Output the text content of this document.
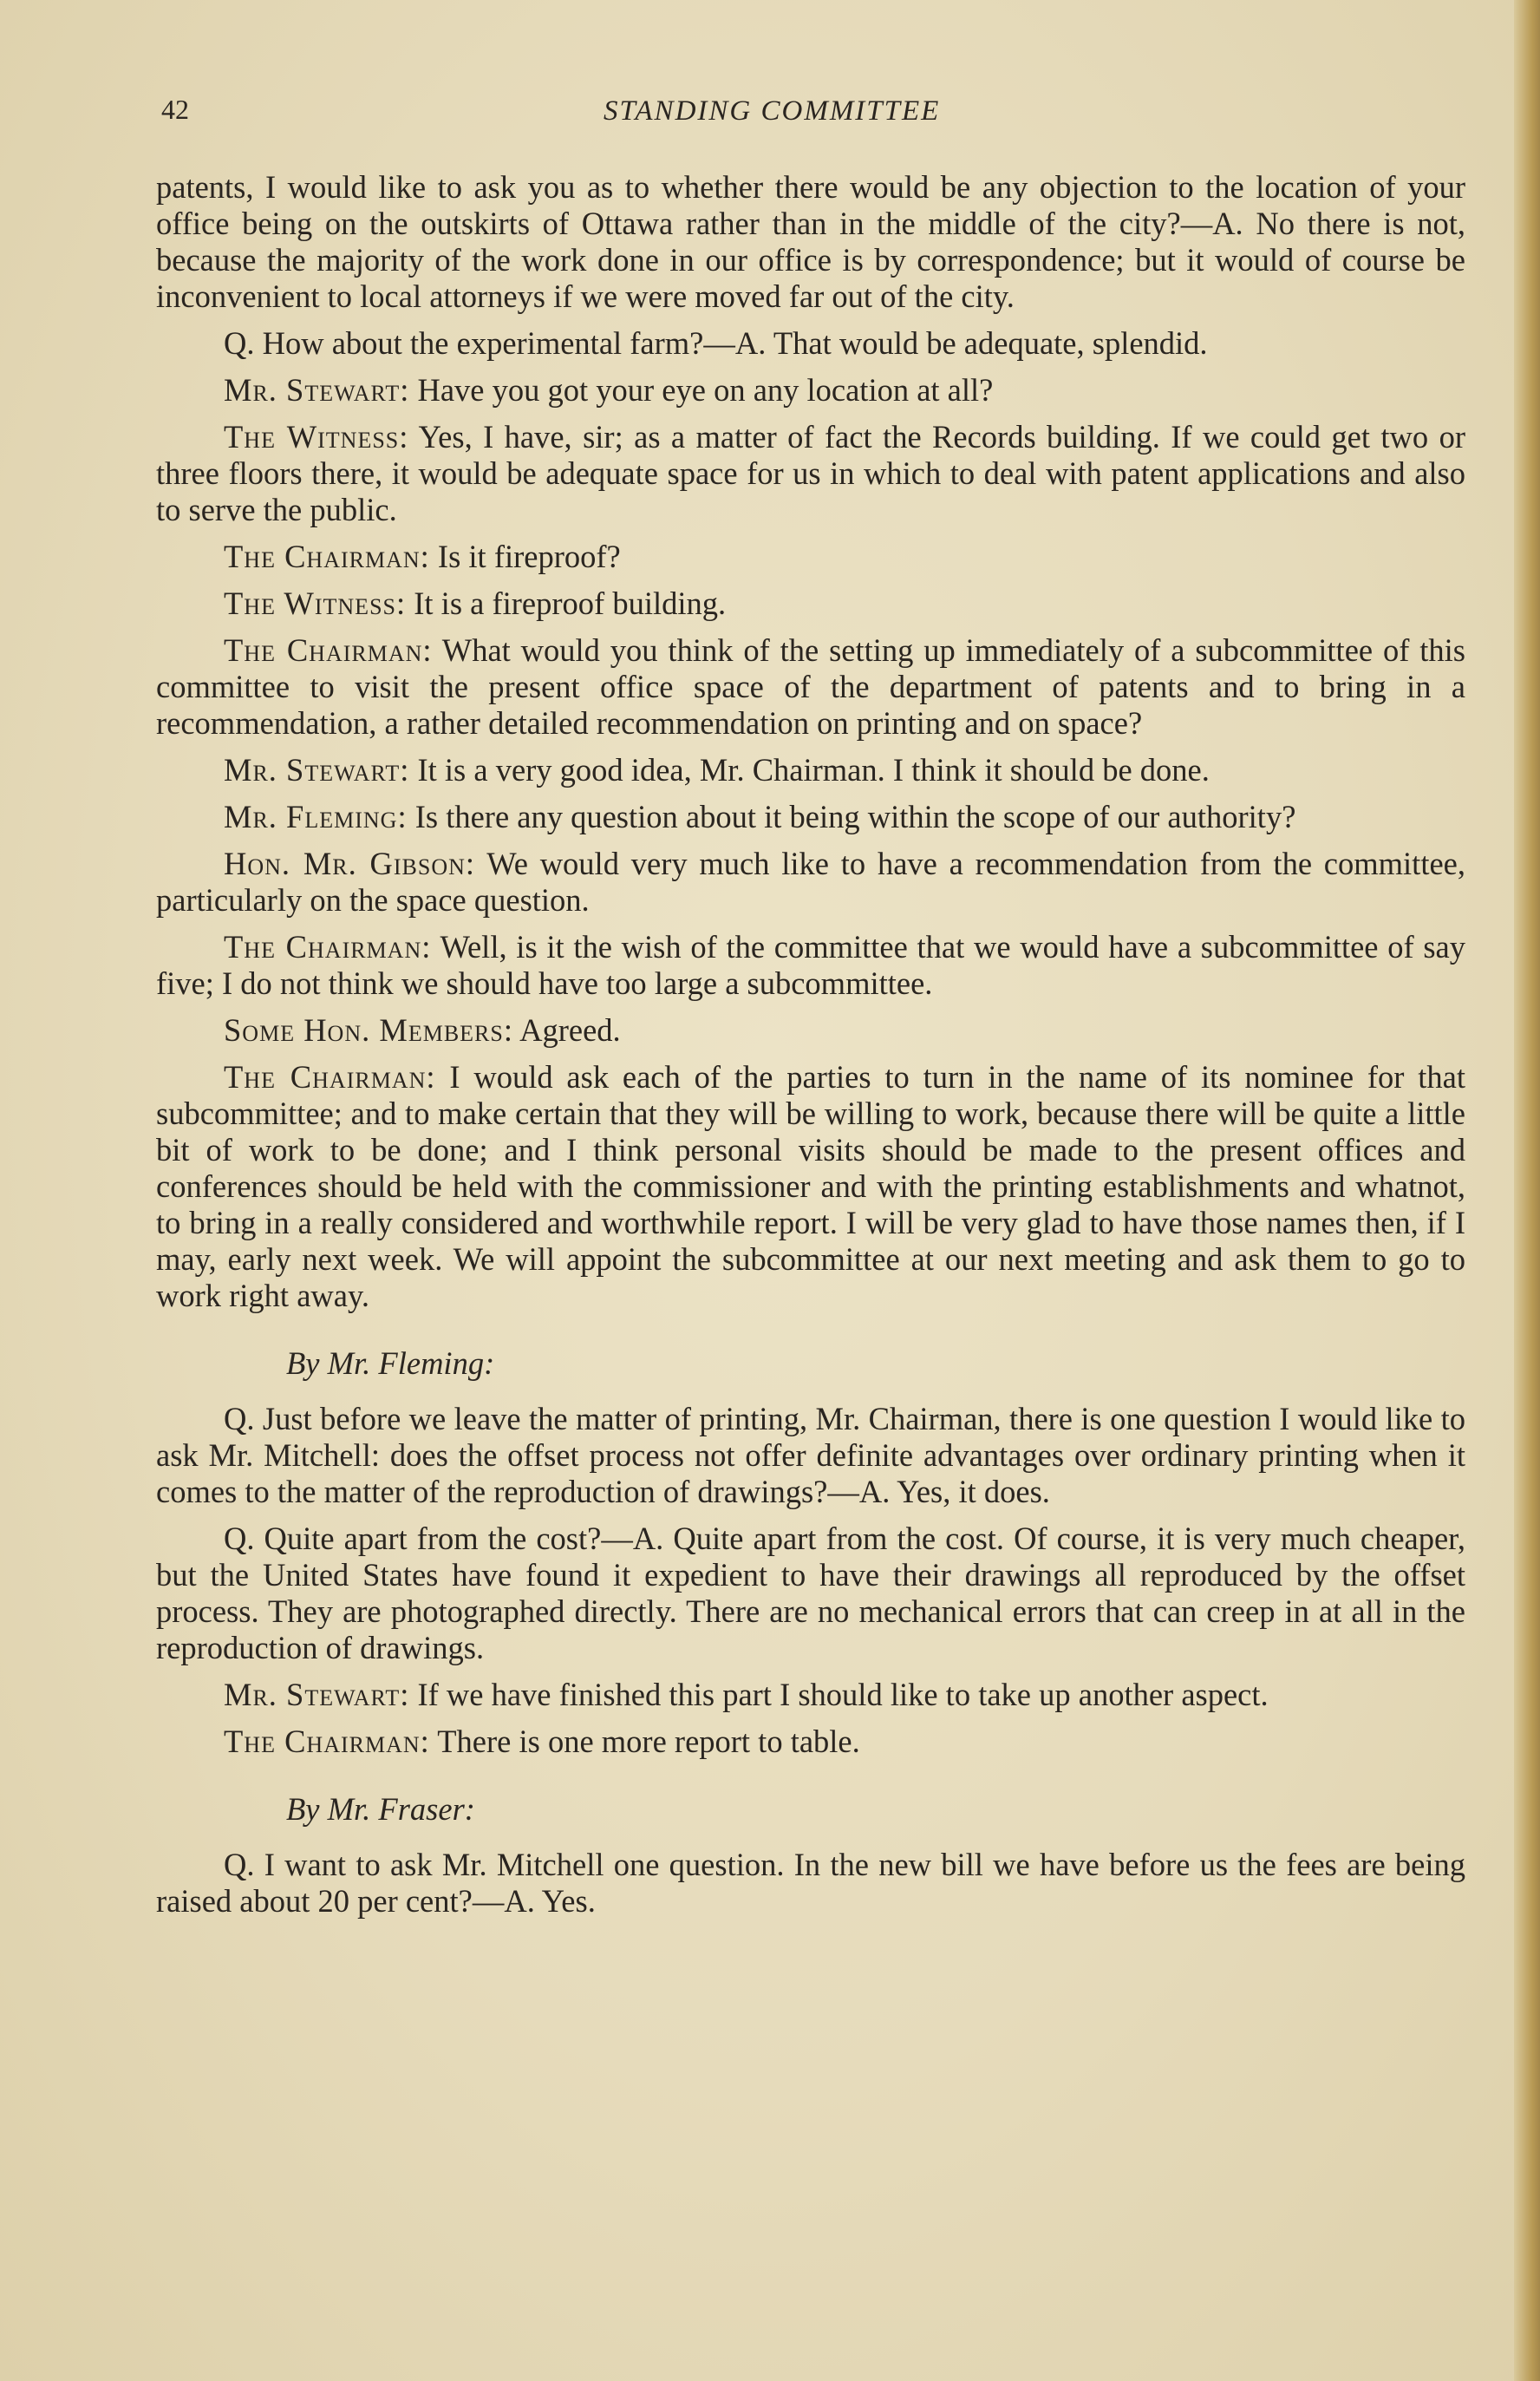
42	STANDING COMMITTEE

patents, I would like to ask you as to whether there would be any objection to the location of your office being on the outskirts of Ottawa rather than in the middle of the city?—A. No there is not, because the majority of the work done in our office is by correspondence; but it would of course be inconvenient to local attorneys if we were moved far out of the city.

Q. How about the experimental farm?—A. That would be adequate, splendid.

Mr. Stewart: Have you got your eye on any location at all?

The Witness: Yes, I have, sir; as a matter of fact the Records building. If we could get two or three floors there, it would be adequate space for us in which to deal with patent applications and also to serve the public.

The Chairman: Is it fireproof?

The Witness: It is a fireproof building.

The Chairman: What would you think of the setting up immediately of a subcommittee of this committee to visit the present office space of the department of patents and to bring in a recommendation, a rather detailed recommendation on printing and on space?

Mr. Stewart: It is a very good idea, Mr. Chairman. I think it should be done.

Mr. Fleming: Is there any question about it being within the scope of our authority?

Hon. Mr. Gibson: We would very much like to have a recommendation from the committee, particularly on the space question.

The Chairman: Well, is it the wish of the committee that we would have a subcommittee of say five; I do not think we should have too large a subcommittee.

Some Hon. Members: Agreed.

The Chairman: I would ask each of the parties to turn in the name of its nominee for that subcommittee; and to make certain that they will be willing to work, because there will be quite a little bit of work to be done; and I think personal visits should be made to the present offices and conferences should be held with the commissioner and with the printing establishments and whatnot, to bring in a really considered and worthwhile report. I will be very glad to have those names then, if I may, early next week. We will appoint the subcommittee at our next meeting and ask them to go to work right away.

By Mr. Fleming:

Q. Just before we leave the matter of printing, Mr. Chairman, there is one question I would like to ask Mr. Mitchell: does the offset process not offer definite advantages over ordinary printing when it comes to the matter of the reproduction of drawings?—A. Yes, it does.

Q. Quite apart from the cost?—A. Quite apart from the cost. Of course, it is very much cheaper, but the United States have found it expedient to have their drawings all reproduced by the offset process. They are photographed directly. There are no mechanical errors that can creep in at all in the reproduction of drawings.

Mr. Stewart: If we have finished this part I should like to take up another aspect.

The Chairman: There is one more report to table.

By Mr. Fraser:

Q. I want to ask Mr. Mitchell one question. In the new bill we have before us the fees are being raised about 20 per cent?—A. Yes.
